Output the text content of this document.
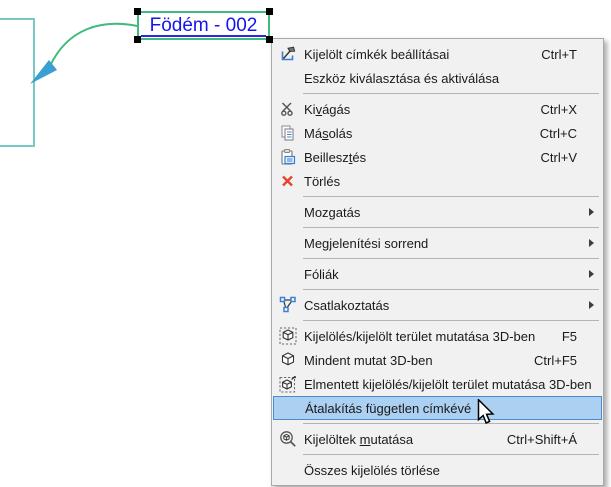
Födém - 002
Kijelölt címkék beállításai	Ctrl+T
Eszköz kiválasztása és aktiválása
Kivágás	Ctrl+X
Másolás	Ctrl+C
Beillesztés	Ctrl+V
Törlés
Mozgatás
Megjelenítési sorrend
Fóliák
Csatlakoztatás
Kijelölés/kijelölt terület mutatása 3D-ben F5
Mindent mutat 3D-ben	Ctrl+F5
Elmentett kijelölés/kijelölt terület mutatása 3D-ben
Átalakítás független címkévé
Kijelöltek mutatása	Ctrl+Shift+Á
Összes kijelölés törlése
